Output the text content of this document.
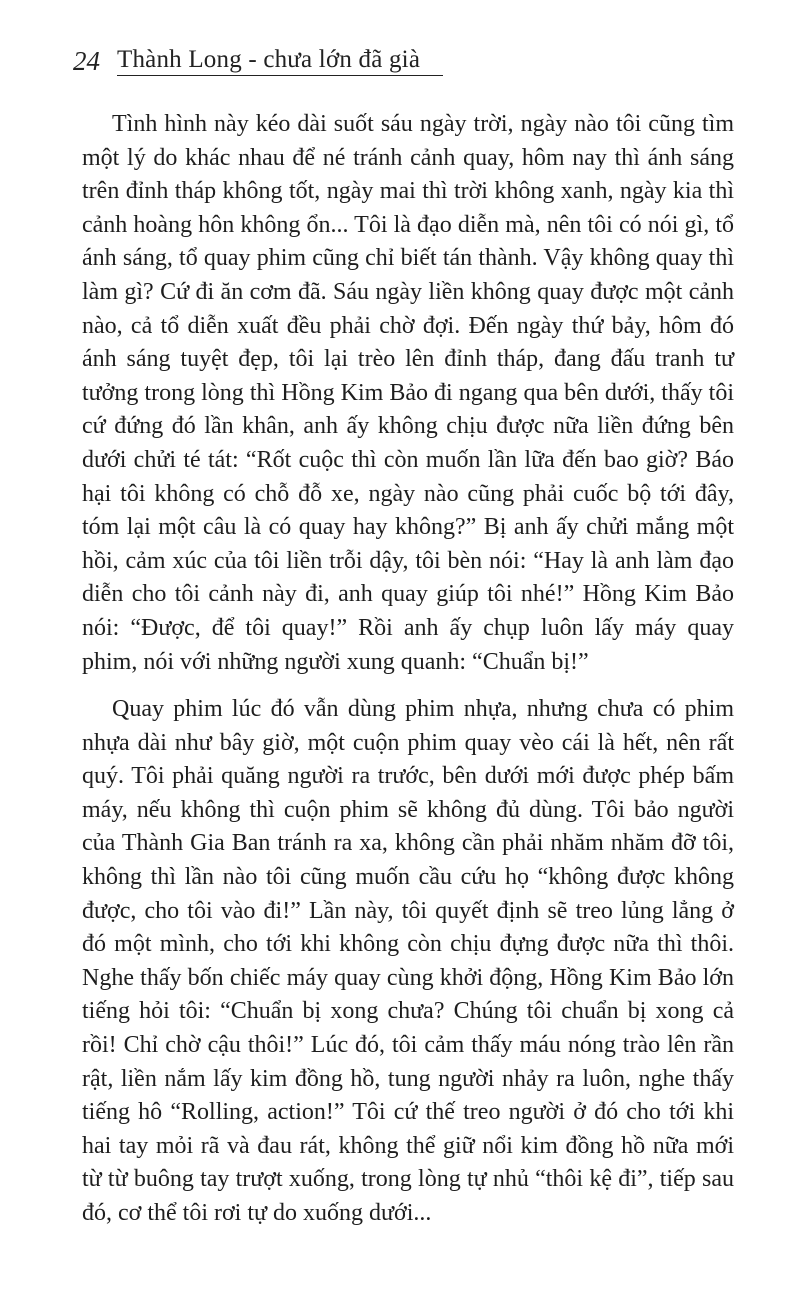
24 Thành Long - chưa lớn đã già

Tình hình này kéo dài suốt sáu ngày trời, ngày nào tôi cũng tìm một lý do khác nhau để né tránh cảnh quay, hôm nay thì ánh sáng trên đỉnh tháp không tốt, ngày mai thì trời không xanh, ngày kia thì cảnh hoàng hôn không ổn... Tôi là đạo diễn mà, nên tôi có nói gì, tổ ánh sáng, tổ quay phim cũng chỉ biết tán thành. Vậy không quay thì làm gì? Cứ đi ăn cơm đã. Sáu ngày liền không quay được một cảnh nào, cả tổ diễn xuất đều phải chờ đợi. Đến ngày thứ bảy, hôm đó ánh sáng tuyệt đẹp, tôi lại trèo lên đỉnh tháp, đang đấu tranh tư tưởng trong lòng thì Hồng Kim Bảo đi ngang qua bên dưới, thấy tôi cứ đứng đó lần khân, anh ấy không chịu được nữa liền đứng bên dưới chửi té tát: “Rốt cuộc thì còn muốn lần lữa đến bao giờ? Báo hại tôi không có chỗ đỗ xe, ngày nào cũng phải cuốc bộ tới đây, tóm lại một câu là có quay hay không?” Bị anh ấy chửi mắng một hồi, cảm xúc của tôi liền trỗi dậy, tôi bèn nói: “Hay là anh làm đạo diễn cho tôi cảnh này đi, anh quay giúp tôi nhé!” Hồng Kim Bảo nói: “Được, để tôi quay!” Rồi anh ấy chụp luôn lấy máy quay phim, nói với những người xung quanh: “Chuẩn bị!”

Quay phim lúc đó vẫn dùng phim nhựa, nhưng chưa có phim nhựa dài như bây giờ, một cuộn phim quay vèo cái là hết, nên rất quý. Tôi phải quăng người ra trước, bên dưới mới được phép bấm máy, nếu không thì cuộn phim sẽ không đủ dùng. Tôi bảo người của Thành Gia Ban tránh ra xa, không cần phải nhăm nhăm đỡ tôi, không thì lần nào tôi cũng muốn cầu cứu họ “không được không được, cho tôi vào đi!” Lần này, tôi quyết định sẽ treo lủng lẳng ở đó một mình, cho tới khi không còn chịu đựng được nữa thì thôi. Nghe thấy bốn chiếc máy quay cùng khởi động, Hồng Kim Bảo lớn tiếng hỏi tôi: “Chuẩn bị xong chưa? Chúng tôi chuẩn bị xong cả rồi! Chỉ chờ cậu thôi!” Lúc đó, tôi cảm thấy máu nóng trào lên rần rật, liền nắm lấy kim đồng hồ, tung người nhảy ra luôn, nghe thấy tiếng hô “Rolling, action!” Tôi cứ thế treo người ở đó cho tới khi hai tay mỏi rã và đau rát, không thể giữ nổi kim đồng hồ nữa mới từ từ buông tay trượt xuống, trong lòng tự nhủ “thôi kệ đi”, tiếp sau đó, cơ thể tôi rơi tự do xuống dưới...
